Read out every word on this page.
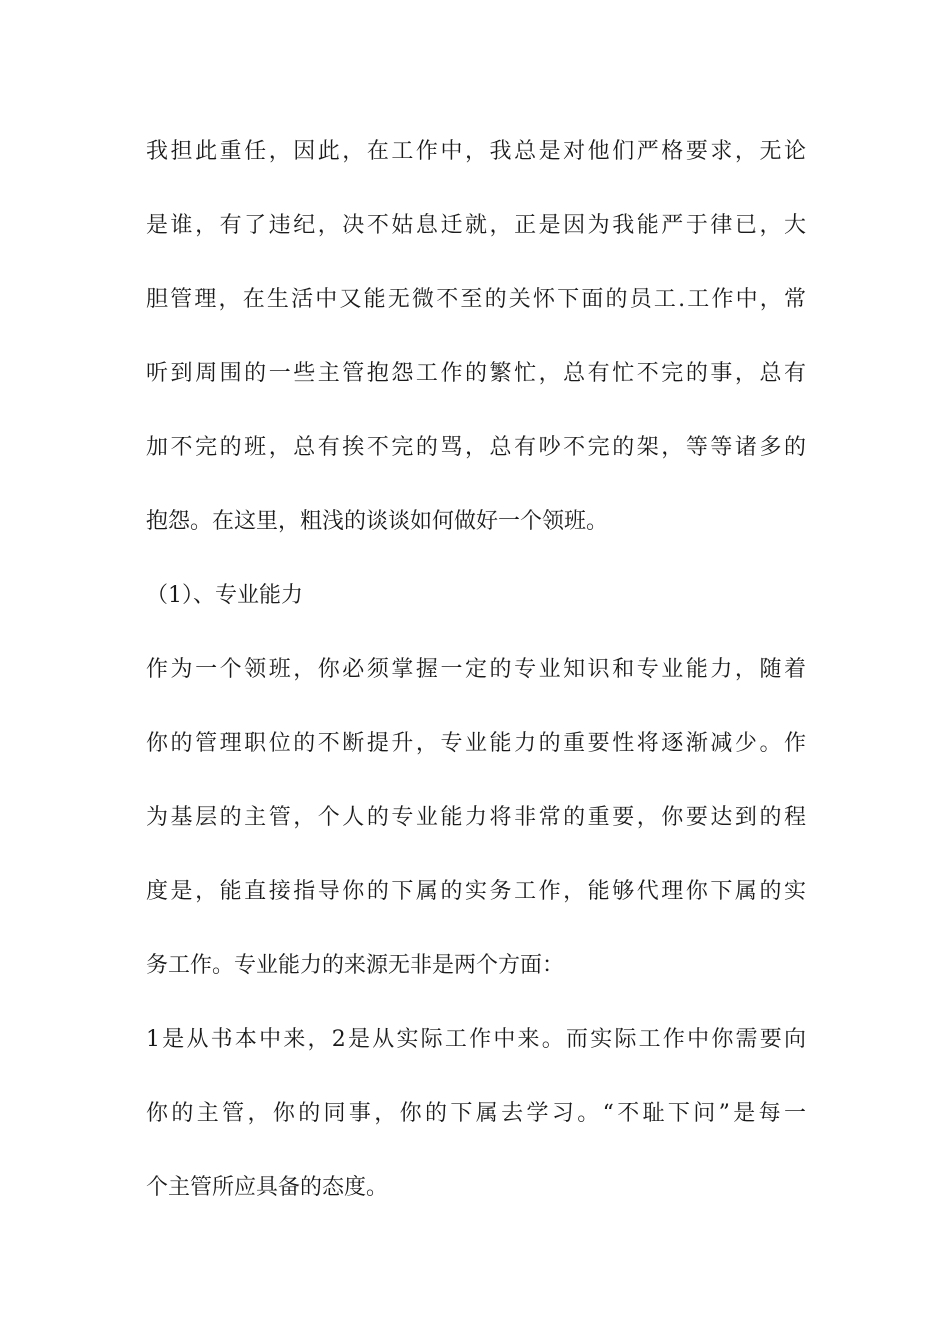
我担此重任，因此，在工作中，我总是对他们严格要求，无论
是谁，有了违纪，决不姑息迁就，正是因为我能严于律已，大
胆管理，在生活中又能无微不至的关怀下面的员工.工作中，常
听到周围的一些主管抱怨工作的繁忙，总有忙不完的事，总有
加不完的班，总有挨不完的骂，总有吵不完的架，等等诸多的
抱怨。在这里，粗浅的谈谈如何做好一个领班。
（1）、专业能力
作为一个领班，你必须掌握一定的专业知识和专业能力，随着
你的管理职位的不断提升，专业能力的重要性将逐渐减少。作
为基层的主管，个人的专业能力将非常的重要，你要达到的程
度是，能直接指导你的下属的实务工作，能够代理你下属的实
务工作。专业能力的来源无非是两个方面：
1是从书本中来，2是从实际工作中来。而实际工作中你需要向
你的主管，你的同事，你的下属去学习。“不耻下问”是每一
个主管所应具备的态度。
